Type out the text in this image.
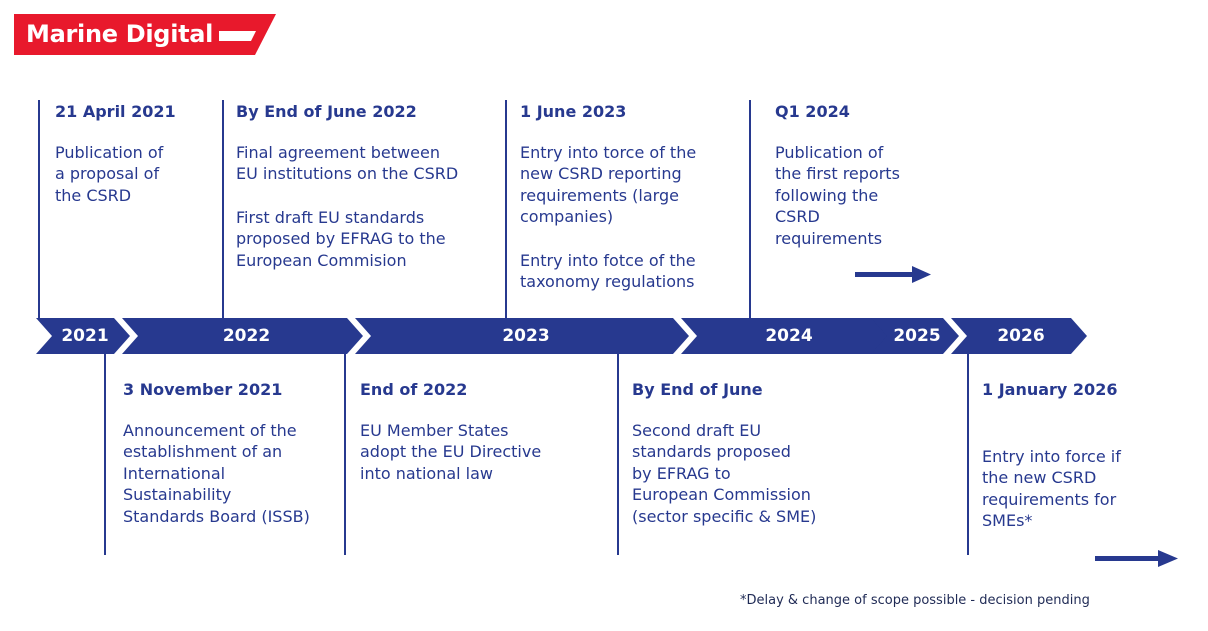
Marine Digital
2021	2022	2023	2024	2025	2026
21 April 2021
Publication of
a proposal of
the CSRD
By End of June 2022
Final agreement between
EU institutions on the CSRD
First draft EU standards
proposed by EFRAG to the
European Commision
1 June 2023
Entry into torce of the
new CSRD reporting
requirements (large
companies)
Entry into fotce of the
taxonomy regulations
Q1 2024
Publication of
the first reports
following the
CSRD
requirements
3 November 2021
Announcement of the
establishment of an
International
Sustainability
Standards Board (ISSB)
End of 2022
EU Member States
adopt the EU Directive
into national law
By End of June
Second draft EU
standards proposed
by EFRAG to
European Commission
(sector specific & SME)
1 January 2026
Entry into force if
the new CSRD
requirements for
SMEs*
*Delay & change of scope possible - decision pending
